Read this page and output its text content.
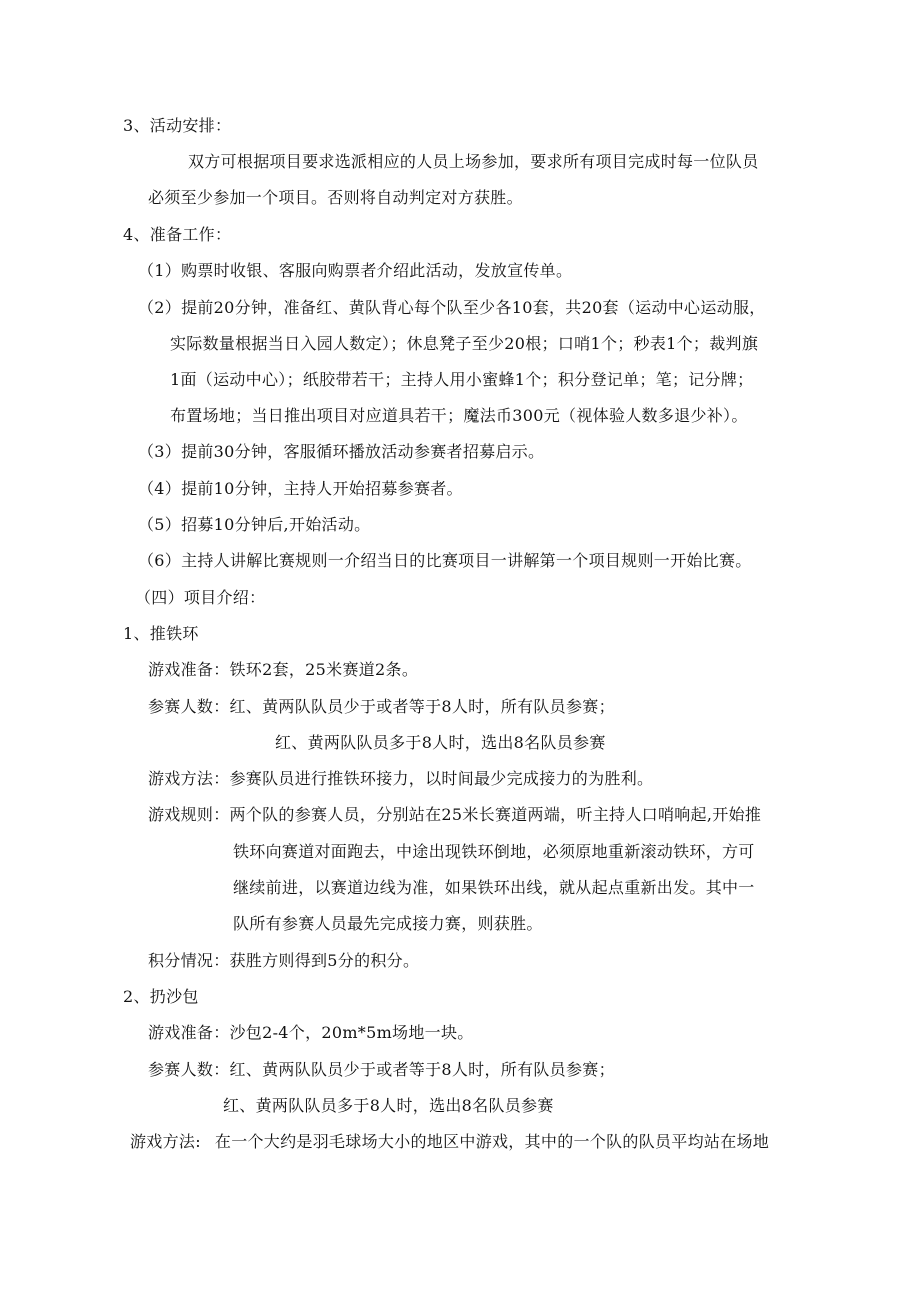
3、活动安排：
双方可根据项目要求选派相应的人员上场参加，要求所有项目完成时每一位队员
必须至少参加一个项目。否则将自动判定对方获胜。
4、准备工作：
（1）购票时收银、客服向购票者介绍此活动，发放宣传单。
（2）提前20分钟，准备红、黄队背心每个队至少各10套，共20套（运动中心运动服，
实际数量根据当日入园人数定）；休息凳子至少20根；口哨1个；秒表1个；裁判旗
1面（运动中心）；纸胶带若干；主持人用小蜜蜂1个；积分登记单；笔；记分牌；
布置场地；当日推出项目对应道具若干；魔法币300元（视体验人数多退少补）。
（3）提前30分钟，客服循环播放活动参赛者招募启示。
（4）提前10分钟，主持人开始招募参赛者。
（5）招募10分钟后,开始活动。
（6）主持人讲解比赛规则一介绍当日的比赛项目一讲解第一个项目规则一开始比赛。
（四）项目介绍：
1、推铁环
游戏准备：铁环2套，25米赛道2条。
参赛人数：红、黄两队队员少于或者等于8人时，所有队员参赛；
红、黄两队队员多于8人时，选出8名队员参赛
游戏方法：参赛队员进行推铁环接力，以时间最少完成接力的为胜利。
游戏规则：两个队的参赛人员，分别站在25米长赛道两端，听主持人口哨响起,开始推
铁环向赛道对面跑去，中途出现铁环倒地，必须原地重新滚动铁环，方可
继续前进，以赛道边线为准，如果铁环出线，就从起点重新出发。其中一
队所有参赛人员最先完成接力赛，则获胜。
积分情况：获胜方则得到5分的积分。
2、扔沙包
游戏准备：沙包2-4个，20m*5m场地一块。
参赛人数：红、黄两队队员少于或者等于8人时，所有队员参赛；
红、黄两队队员多于8人时，选出8名队员参赛
游戏方法: 在一个大约是羽毛球场大小的地区中游戏，其中的一个队的队员平均站在场地
